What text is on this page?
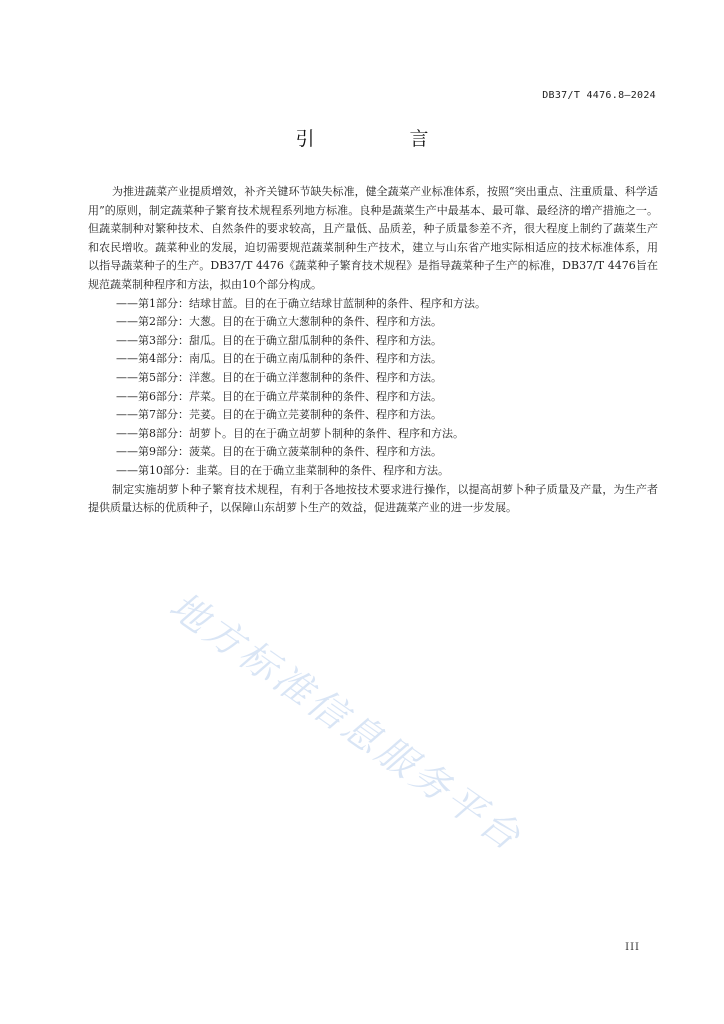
DB37/T 4476.8—2024
引　言

为推进蔬菜产业提质增效，补齐关键环节缺失标准，健全蔬菜产业标准体系，按照“突出重点、注重质量、科学适用”的原则，制定蔬菜种子繁育技术规程系列地方标准。良种是蔬菜生产中最基本、最可靠、最经济的增产措施之一。但蔬菜制种对繁种技术、自然条件的要求较高，且产量低、品质差，种子质量参差不齐，很大程度上制约了蔬菜生产和农民增收。蔬菜种业的发展，迫切需要规范蔬菜制种生产技术，建立与山东省产地实际相适应的技术标准体系，用以指导蔬菜种子的生产。DB37/T 4476《蔬菜种子繁育技术规程》是指导蔬菜种子生产的标准，DB37/T 4476旨在规范蔬菜制种程序和方法，拟由10个部分构成。

——第1部分：结球甘蓝。目的在于确立结球甘蓝制种的条件、程序和方法。

——第2部分：大葱。目的在于确立大葱制种的条件、程序和方法。

——第3部分：甜瓜。目的在于确立甜瓜制种的条件、程序和方法。

——第4部分：南瓜。目的在于确立南瓜制种的条件、程序和方法。

——第5部分：洋葱。目的在于确立洋葱制种的条件、程序和方法。

——第6部分：芹菜。目的在于确立芹菜制种的条件、程序和方法。

——第7部分：芫荽。目的在于确立芫荽制种的条件、程序和方法。

——第8部分：胡萝卜。目的在于确立胡萝卜制种的条件、程序和方法。

——第9部分：菠菜。目的在于确立菠菜制种的条件、程序和方法。

——第10部分：韭菜。目的在于确立韭菜制种的条件、程序和方法。

制定实施胡萝卜种子繁育技术规程，有利于各地按技术要求进行操作，以提高胡萝卜种子质量及产量，为生产者提供质量达标的优质种子，以保障山东胡萝卜生产的效益，促进蔬菜产业的进一步发展。

地方标准信息服务平台
III
